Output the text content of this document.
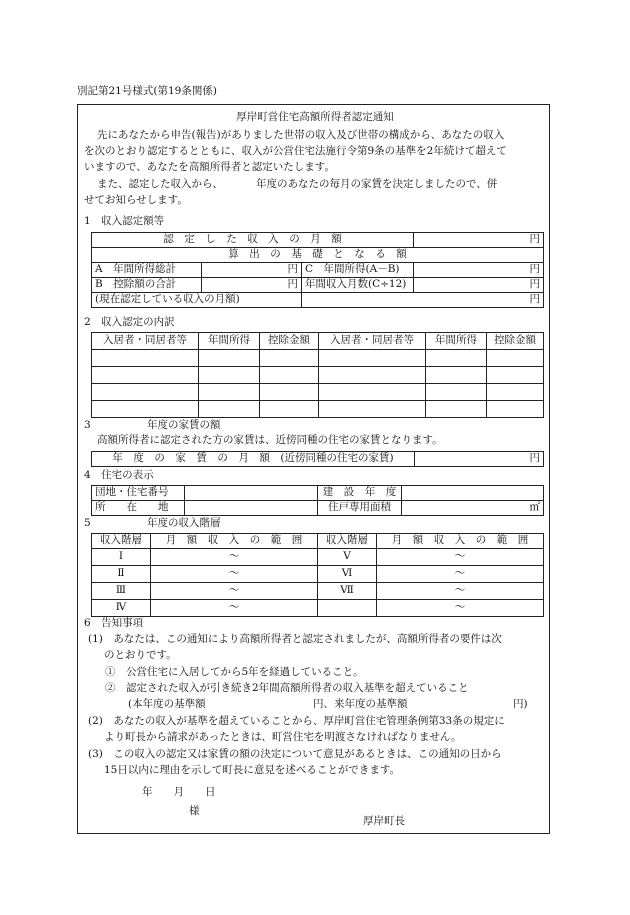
別記第21号様式(第19条関係)
厚岸町営住宅高額所得者認定通知
先にあなたから申告(報告)がありました世帯の収入及び世帯の構成から、あなたの収入
を次のとおり認定するとともに、収入が公営住宅法施行令第9条の基準を2年続けて超えて
いますので、あなたを高額所得者と認定いたします。
また、認定した収入から、	年度のあなたの毎月の家賃を決定しましたので、併
せてお知らせします。
1　収入認定額等
認　定　し　た　収　入　の　月　額			円
算　出　の　基　礎　と　な　る　額			
A　年間所得総計	円	C　年間所得(A－B)	円
B　控除額の合計	円	年間収入月数(C÷12)	円
(現在認定している収入の月額)		円	
2　収入認定の内訳
入居者・同居者等	年間所得	控除金額	入居者・同居者等	年間所得	控除金額

3	年度の家賃の額
高額所得者に認定された方の家賃は、近傍同種の住宅の家賃となります。
年　度　の　家　賃　の　月　額　(近傍同種の住宅の家賃)	円
4　住宅の表示
団地・住宅番号		建　設　年　度	
所　　在　　地		住戸専用面積	㎡
5	年度の収入階層
収入階層	月　額　収　入　の　範　囲	収入階層	月　額　収　入　の　範　囲
Ⅰ	～	Ⅴ	～
Ⅱ	～	Ⅵ	～
Ⅲ	～	Ⅶ	～
Ⅳ	～		～
6　告知事項
(1)　あなたは、この通知により高額所得者と認定されましたが、高額所得者の要件は次
のとおりです。
①　公営住宅に入居してから5年を経過していること。
②　認定された収入が引き続き2年間高額所得者の収入基準を超えていること
(本年度の基準額	円、来年度の基準額	円)
(2)　あなたの収入が基準を超えていることから、厚岸町営住宅管理条例第33条の規定に
より町長から請求があったときは、町営住宅を明渡さなければなりません。
(3)　この収入の認定又は家賃の額の決定について意見があるときは、この通知の日から
15日以内に理由を示して町長に意見を述べることができます。
年　　月　　日
様
厚岸町長
